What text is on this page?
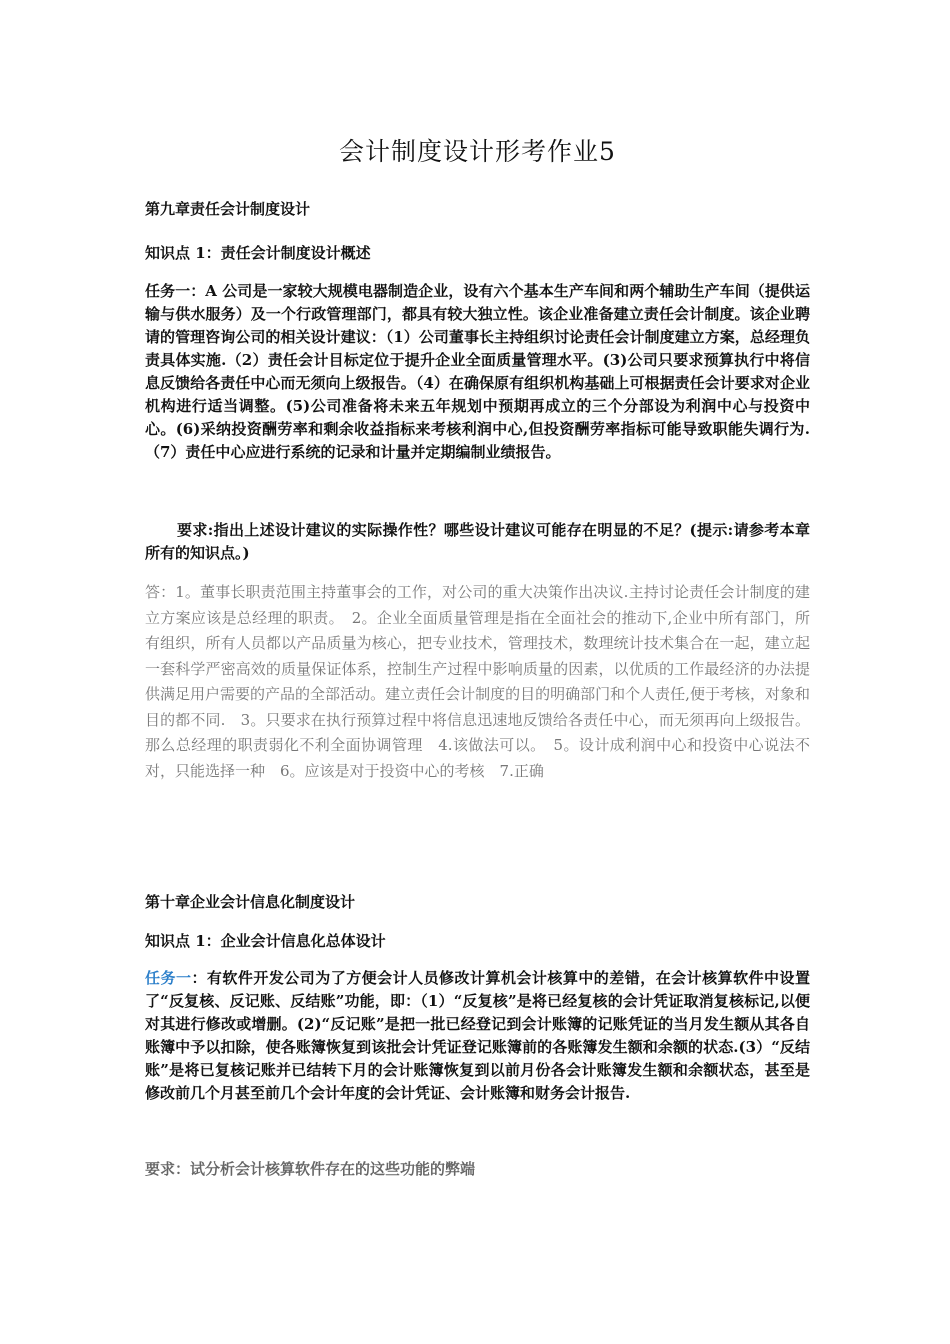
会计制度设计形考作业5
第九章责任会计制度设计
知识点 1：责任会计制度设计概述

任务一：A 公司是一家较大规模电器制造企业，设有六个基本生产车间和两个辅助生产车间（提供运输与供水服务）及一个行政管理部门，都具有较大独立性。该企业准备建立责任会计制度。该企业聘请的管理咨询公司的相关设计建议：（1）公司董事长主持组织讨论责任会计制度建立方案，总经理负责具体实施.（2）责任会计目标定位于提升企业全面质量管理水平。(3)公司只要求预算执行中将信息反馈给各责任中心而无须向上级报告。（4）在确保原有组织机构基础上可根据责任会计要求对企业机构进行适当调整。(5)公司准备将未来五年规划中预期再成立的三个分部设为利润中心与投资中心。(6)采纳投资酬劳率和剩余收益指标来考核利润中心,但投资酬劳率指标可能导致职能失调行为.（7）责任中心应进行系统的记录和计量并定期编制业绩报告。

要求:指出上述设计建议的实际操作性？哪些设计建议可能存在明显的不足？(提示:请参考本章所有的知识点。)

答：1。董事长职责范围主持董事会的工作，对公司的重大决策作出决议.主持讨论责任会计制度的建立方案应该是总经理的职责。　2。企业全面质量管理是指在全面社会的推动下,企业中所有部门，所有组织，所有人员都以产品质量为核心，把专业技术，管理技术，数理统计技术集合在一起，建立起一套科学严密高效的质量保证体系，控制生产过程中影响质量的因素，以优质的工作最经济的办法提供满足用户需要的产品的全部活动。建立责任会计制度的目的明确部门和个人责任,便于考核，对象和目的都不同.　3。只要求在执行预算过程中将信息迅速地反馈给各责任中心，而无须再向上级报告。那么总经理的职责弱化不利全面协调管理　4.该做法可以。　5。设计成利润中心和投资中心说法不对，只能选择一种　6。应该是对于投资中心的考核　7.正确

第十章企业会计信息化制度设计
知识点 1：企业会计信息化总体设计

任务一：有软件开发公司为了方便会计人员修改计算机会计核算中的差错，在会计核算软件中设置了“反复核、反记账、反结账”功能，即：（1）“反复核”是将已经复核的会计凭证取消复核标记,以便对其进行修改或增删。(2)“反记账”是把一批已经登记到会计账簿的记账凭证的当月发生额从其各自账簿中予以扣除，使各账簿恢复到该批会计凭证登记账簿前的各账簿发生额和余额的状态.(3）“反结账”是将已复核记账并已结转下月的会计账簿恢复到以前月份各会计账簿发生额和余额状态，甚至是修改前几个月甚至前几个会计年度的会计凭证、会计账簿和财务会计报告.

要求：试分析会计核算软件存在的这些功能的弊端
